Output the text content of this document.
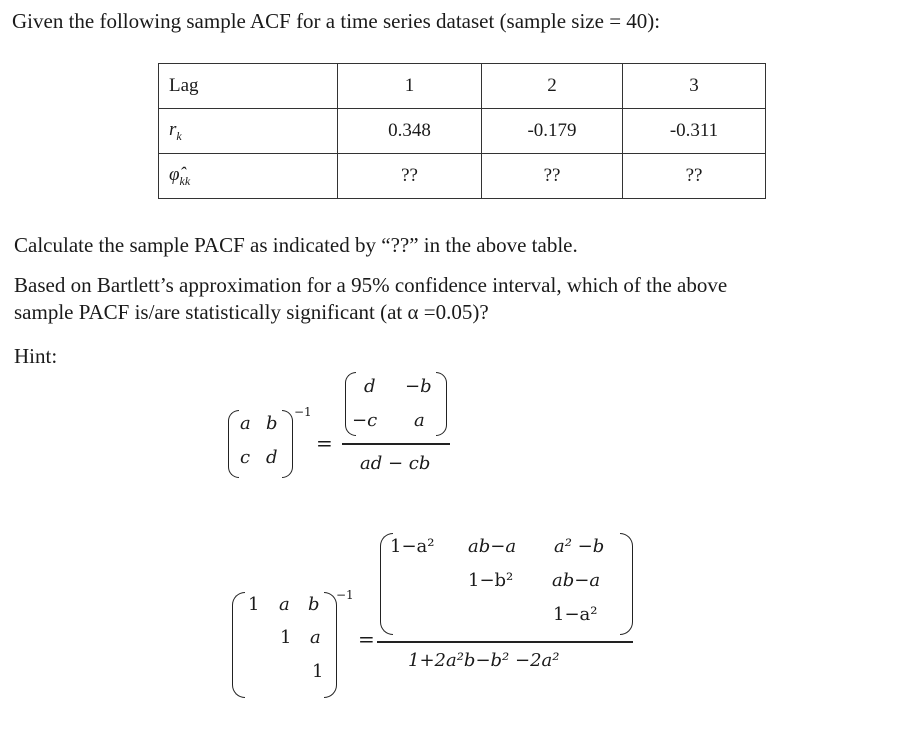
Given the following sample ACF for a time series dataset (sample size = 40):
Lag	1	2	3
$r_k$	0.348	-0.179	-0.311
$\varphî_{kk}$	??	??	??
Calculate the sample PACF as indicated by “??” in the above table.
Based on Bartlett’s approximation for a 95% confidence interval, which of the above
sample PACF is/are statistically significant (at α =0.05)?
Hint:
a b
c d
−1
=
d −b
−c a
ad − cb
1 a b
1 a
1
−1
=
1−a² ab−a a² −b
1−b² ab−a
1−a²
1+2a²b−b² −2a²
